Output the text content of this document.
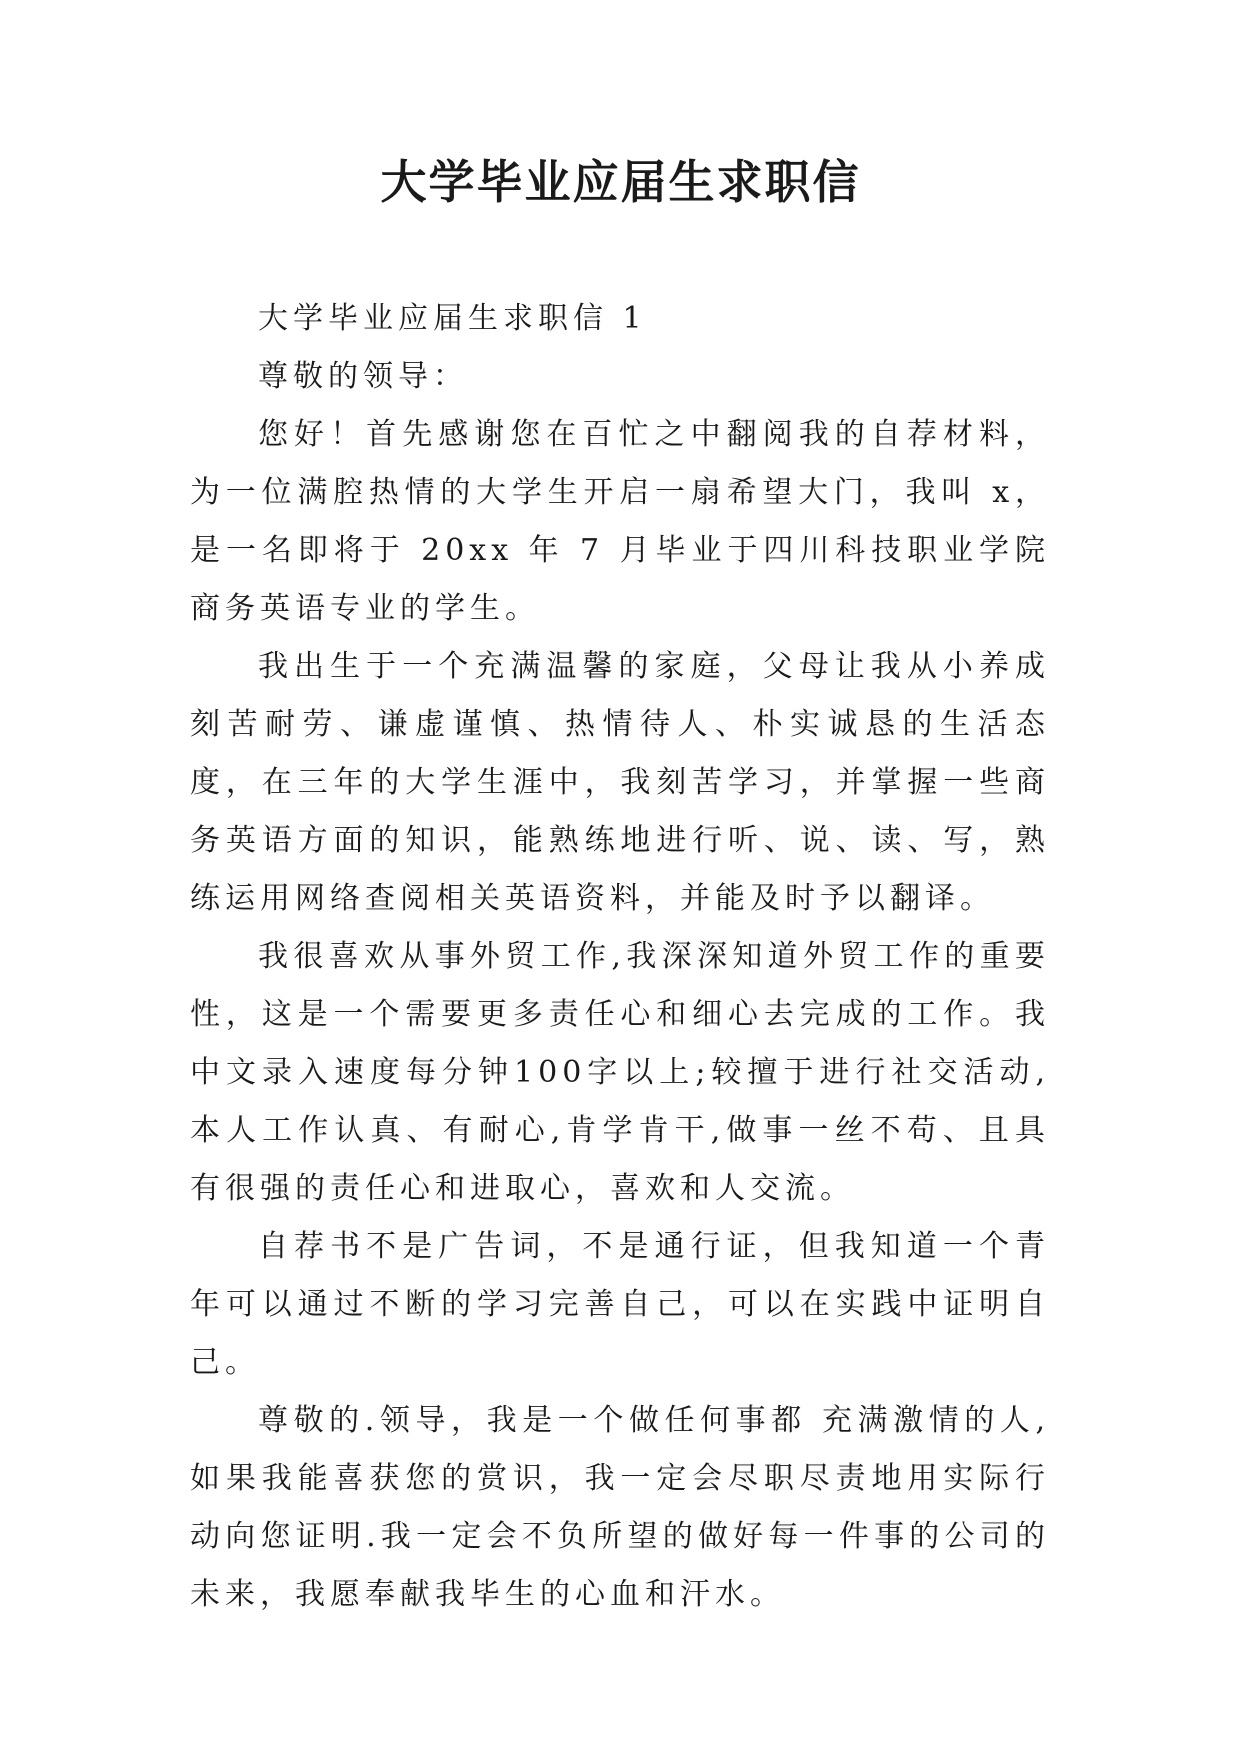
大学毕业应届生求职信

大学毕业应届生求职信 1

尊敬的领导：

您好！首先感谢您在百忙之中翻阅我的自荐材料，为一位满腔热情的大学生开启一扇希望大门，我叫 x，是一名即将于 20xx 年 7 月毕业于四川科技职业学院商务英语专业的学生。

我出生于一个充满温馨的家庭，父母让我从小养成刻苦耐劳、谦虚谨慎、热情待人、朴实诚恳的生活态度，在三年的大学生涯中，我刻苦学习，并掌握一些商务英语方面的知识，能熟练地进行听、说、读、写，熟练运用网络查阅相关英语资料，并能及时予以翻译。

我很喜欢从事外贸工作,我深深知道外贸工作的重要性，这是一个需要更多责任心和细心去完成的工作。我中文录入速度每分钟100字以上;较擅于进行社交活动,本人工作认真、有耐心,肯学肯干,做事一丝不苟、且具有很强的责任心和进取心，喜欢和人交流。

自荐书不是广告词，不是通行证，但我知道一个青年可以通过不断的学习完善自己，可以在实践中证明自己。

尊敬的.领导，我是一个做任何事都 充满激情的人,如果我能喜获您的赏识，我一定会尽职尽责地用实际行动向您证明.我一定会不负所望的做好每一件事的公司的未来，我愿奉献我毕生的心血和汗水。
